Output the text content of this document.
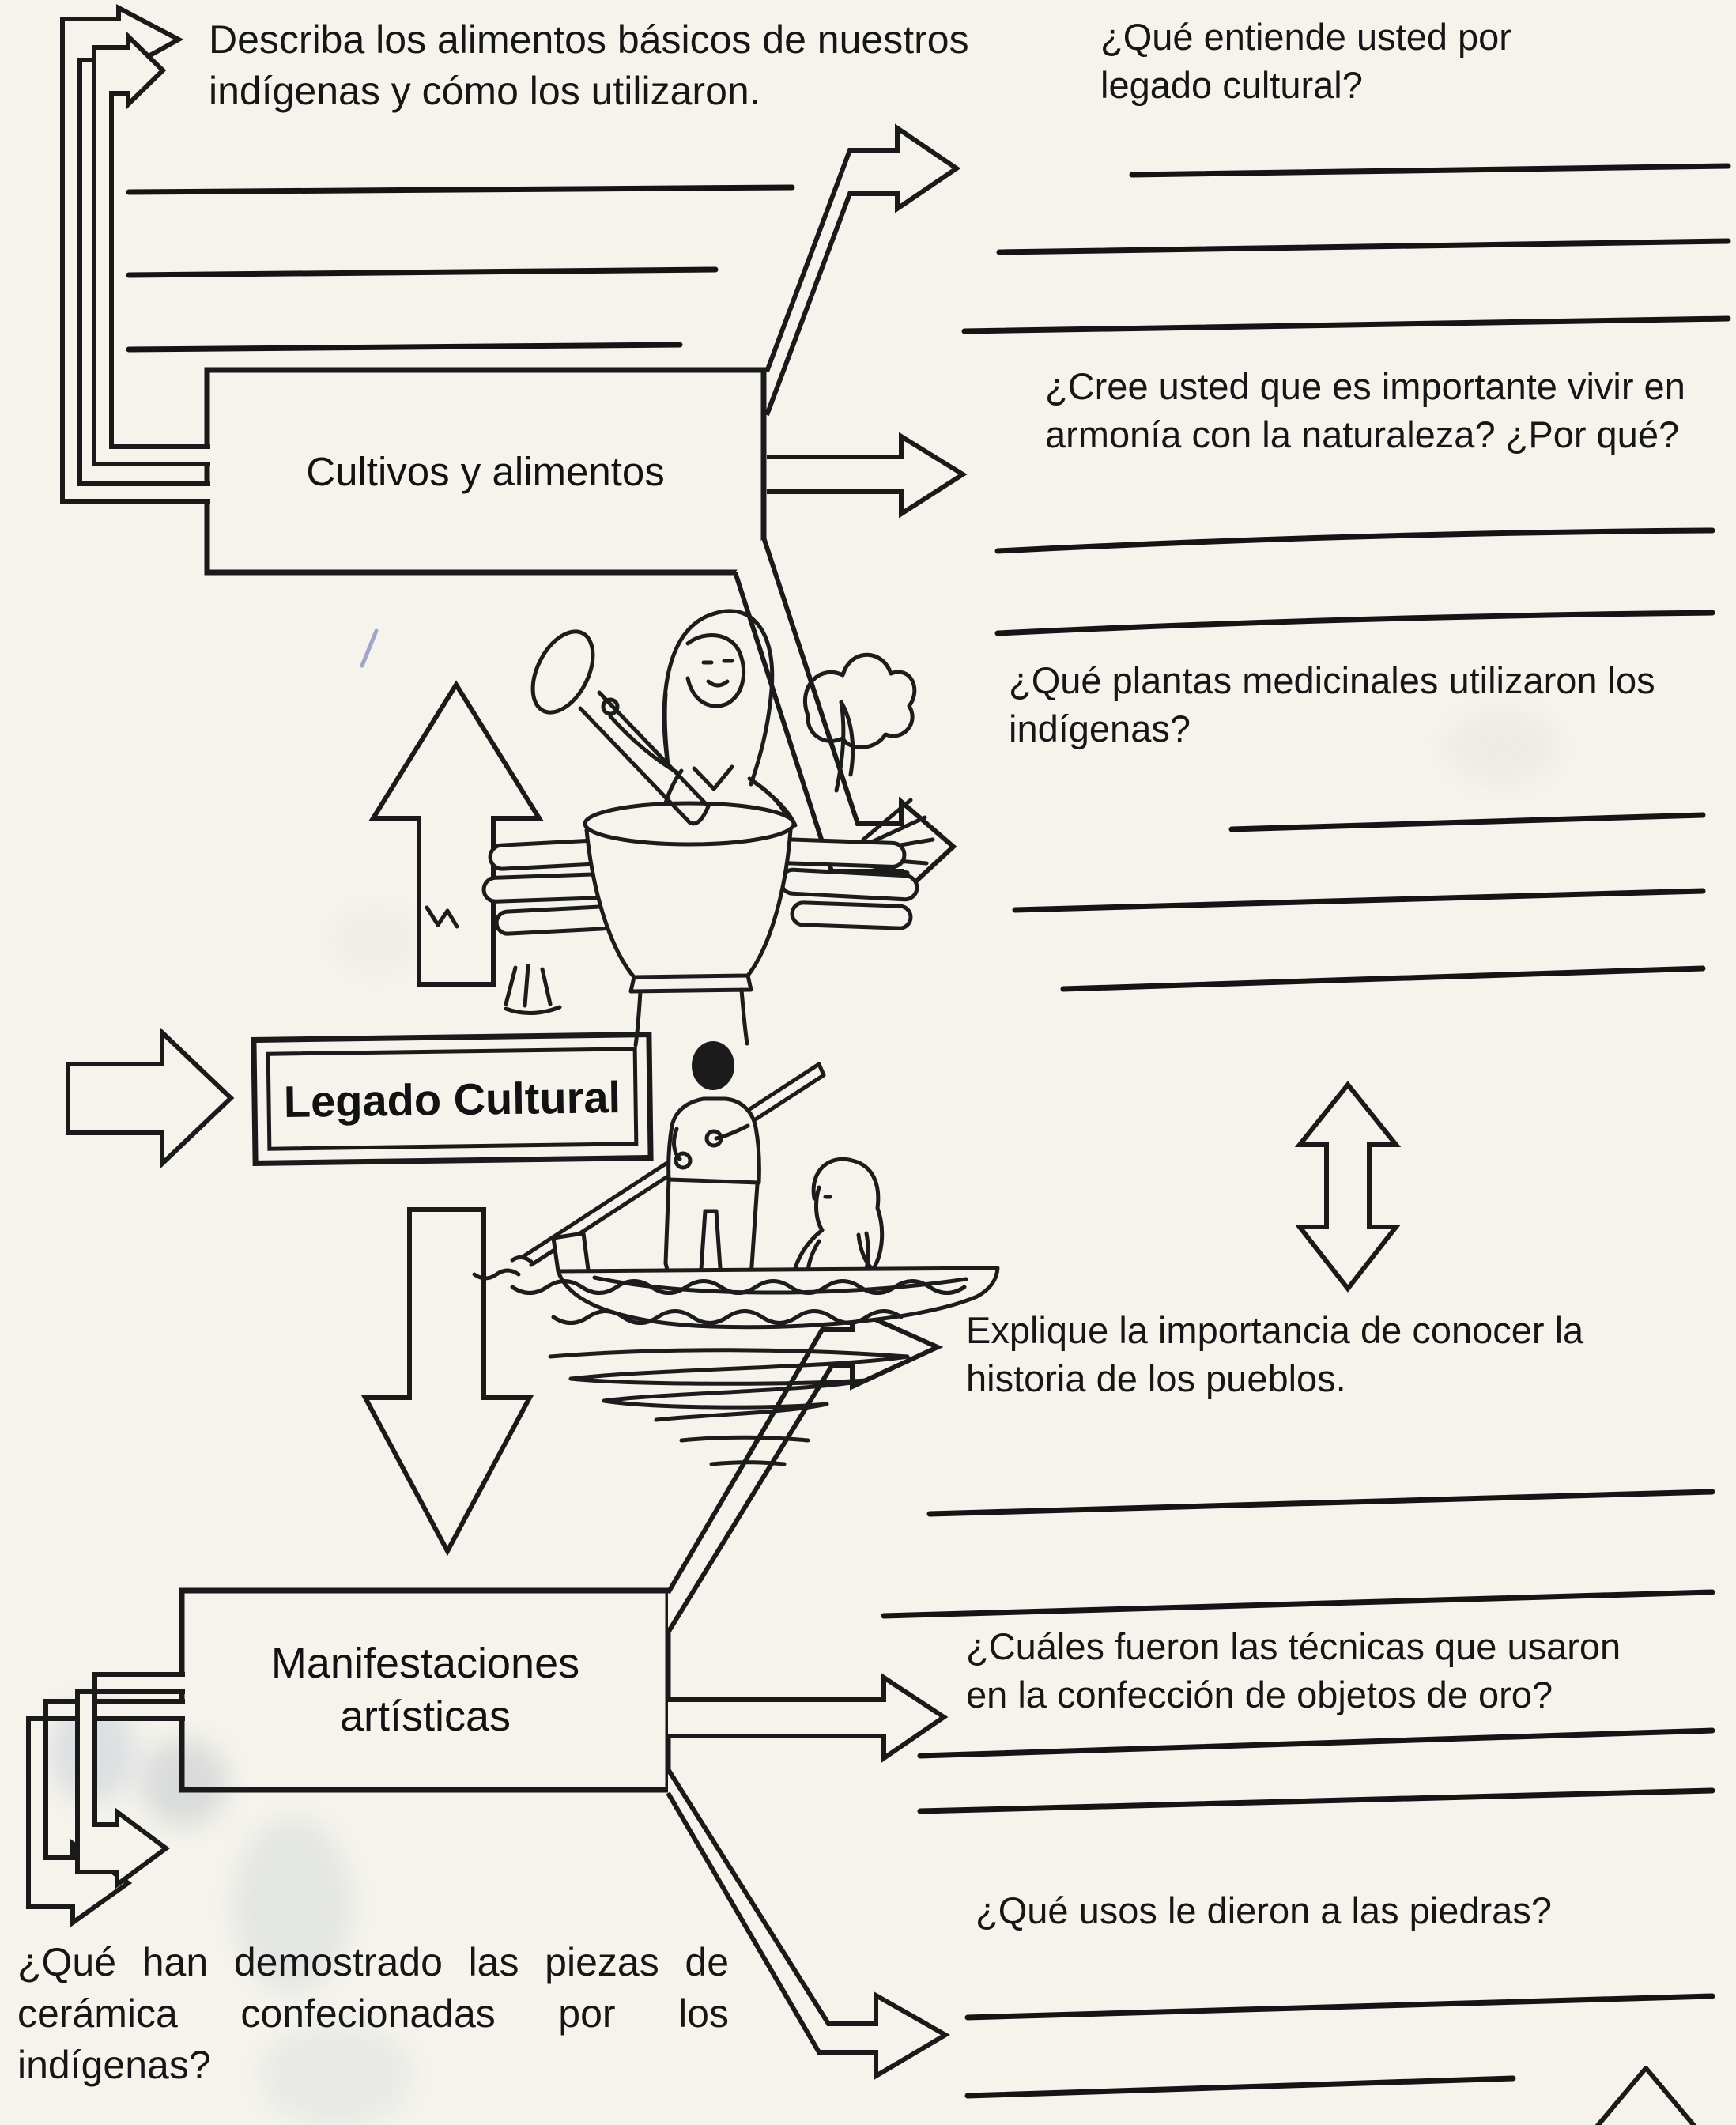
Describa los alimentos básicos de nuestros indígenas y cómo los utilizaron.
¿Qué entiende usted por legado cultural?
¿Cree usted que es importante vivir en armonía con la naturaleza? ¿Por qué?
¿Qué plantas medicinales utilizaron los indígenas?
Explique la importancia de conocer la historia de los pueblos.
¿Cuáles fueron las técnicas que usaron en la confección de objetos de oro?
¿Qué usos le dieron a las piedras?
¿Qué han demostrado las piezas de cerámica confecionadas por los indígenas?
Cultivos y alimentos
Legado Cultural
Manifestaciones artísticas
